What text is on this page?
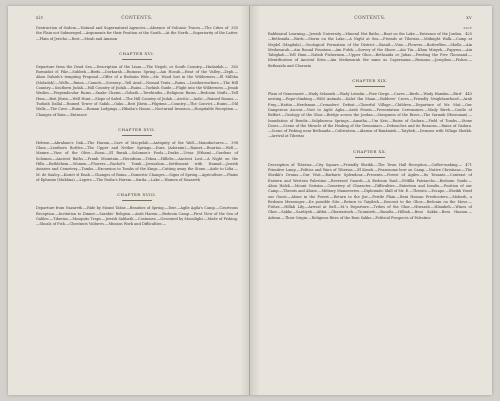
xiv	CONTENTS.

355
Destruction of Sodom.—Natural and Supernatural Agencies.—Absence of Volcanic Traces.—The Cities of the Plain not Submerged.—Arguments for their Position at the South.—At the North.—Superiority of the Latter.—Plain of Jericho.—Rest.—Moab and Ammon

CHAPTER XVI.

383
Departure from the Dead Sea.—Description of the Lisan.—The Negeb, or South Country.—Hudaidah.—Ruwaidat el Fikr.—Subbeh.—Birds.—Dorkarah.—Ruinous Spring.—Ain Hosub.—Heat of the Valley.—Zeph.—Abou Dahish's tempting Proposal.—Offer of a Bedouin Wife.—Mr. Wood lost in the Wilderness.—El Milhha (Moladah).—Wells.—Ruins.—Camels.—Scenery.—Tell Arad.—Nomad Tents.—Ruins.—Leatherworkers.—The Hill Country.—Southern Judah.—Hill Country of Judah.—Ruins.—Turkish Guide.—Flight into the Wilderness.—Jenab Wadies.—Perpendicular Ruins.—Snake Charm.—Goliath.—Terebinths.—Religious Ruins.—Bedouin Mufti.—Tell Hum.—Beit Jibrin.—Well Hunt.—Slope of Safed.—The Hill Country of Judah.—Arcitic.—Indic.—Ruined Rooms.—Turkish Dallal.—Ruined Tower of Safah.—Oaks.—Beit Jibrin.—Pilgrims.—Country.—The Convict.—Ruins.—Old Walls.—The Cave.—Ruins.—Roman Lodgings.—Hibaba's House.—Nocturnal Invasion.—Hospitable Reception.—Changes of Ruin.—Entrance

CHAPTER XVII.

398
Hebron.—Abraham's Oak.—The Haram.—Cave of Macpelah.—Antiquity of the Wall.—Manufactures.—Glass.—Leathern Bottles.—The Upper and Nether Springs.—Dura (Adoraim).—Ramet.—Bourtas.—Well.—Mamre.—Vine of the Olive.—Rossi.—El Burak.—Solomon's Pools.—Drake.—Urtas (Etham).—Gardens of Solomon.—Ancient Baths.—Frank Mountain.—Herodium.—Tekoa.—Hillebs.—Ancient Lost.—A Night on the Hills.—Bethlehem.—Women.—Flowers.—Rachel's Tomb.—Jerusalem.—Settlement with Hamad.—Jewish Aviaries and Cemetery.—Tombs.—Excursion to Tombs of the Kings.—Cutting away the Stone.—Aisle to Lifta.—M. de Saulcy.—Kuriet el Enab.—Changes of Ruins.—Domestic Changes.—Signs of Spring.—Agriculture.—Plains of Ephraim (Mukhna).—Lepers.—The Pasha's Harem.—Sarda.—Lake.—Women of Nazareth

CHAPTER XVIII.

Departure from Nazareth.—Ride by Mount Tabor.—Beauties of Spring.—Deir.—Agile Agila's Camp.—Courteous Reception.—Invitation to Dinner.—Sarabis' Religion.—Arab Harem.—Bedouin Camp.—First View of the Sea of Galilee.—Tiberias.—Mosquito Traps.—Jewish Sabbath.—Costumes.—Governed by Moonlight.—Mode of Fishing.—Shoals of Fish.—Chestnuts Vultures.—Mission Work and Difficulties.—

CONTENTS.	xv
PAGE

425
Rabbinical Learning.—Jewish University.—Mineral Hot Baths.—Boat on the Lake.—Entrance of the Jordan.—Bethsaida.—Birds.—Storm on the Lake.—A Night at Sea.—Friends at Tiberias.—Midnight Walk.—Camp at Mejdel (Magdala).—Geological Formation of the District.—Basalt.—Vine.—Flowers.—Butterflies.—Shells.—Ain Medawarah.—Ain Round Fountain.—Ain Fuleh.—Survey of the Shore.—Ain Tin.—Khan Minyeh.—Papyrus.—Ain Tabighah.—Tell Hum.—Nabob Fishermen.—Upper Ghor.—Bethsaida or Julias.—Feeding the Five Thousand.—Identification of Ancient Sites.—Ain Medawarah the same as Capernaum.—Reasons.—Josephus.—Fishes.—Bethsaida and Chorazin

CHAPTER XIX.

443
Plain of Gennesaret.—Wady Selameh.—Wady Leimûn.—Fine Gorge.—Caves.—Birds.—Wady Hamâm.—Bird-nesting.—Rope-climbing.—Wild Animals.—Kalat Ibn Maan.—Robbers' Caves.—Friendly Neighbourhood.—Arab Fray.—Hattin.—Herdsman.—Crusaders' Defeat.—Cheerful Village.—Children.—Departure of Mr. Mat.—Our Dangerous Ascent.—Visit to Agile Agha.—Arab Feasts.—Presentation Ceremonies.—Wady Bireh.—Castle of Belfort.—Geology of the Ghor.—Bridge across the Jordan.—Steepness of the River.—The Yarmuk (Hieromax).—Inundation of Bendir.—Sulphurous Springs.—Amatha.—Um Keis.—Ruins of Gadara.—Field of Tombs.—Stone Doors.—Scene of the Miracle of the Healing of the Demoniacs.—Debouches and its Reasons.—Ruins of Gadara.—Scene of Fishing near Bethsaida.—Cultivation.—Alarms of Banâmieh.—Taiybeh.—Demons with Village Sheikh.—Arrival at Tiberias

CHAPTER XX.

471
Description of Tiberias.—City Square.—Friendly Sheikh.—The Town Hall Reception.—Coffee-making.—Primitive Lamp.—Politics and Wars of Tiberias.—El Kuseh.—Fearnsome bow on Camp.—Native Christians.—The Sheikh's Drums.—Our Visit.—Barbaric Splendour.—Presents.—Forest of Agiles.—Its Tenants.—Contrast of Eastern and Western Palestine.—Reversed Guards.—A Bedouin Raid.—Felfilla Patriarchs.—Bedouin Guide.—Abou Haleh.—Mount Gerizim.—Cemetery of Character.—Difficulties.—Extortion and Insults.—Position of our Camp.—Threats and Abuse.—Military Manoeuvres.—Diplomatic Skill of Mr. E.—Threats.—Escape.—Sheikh Yusef our Guest.—Alone in the Forest.—Return to the Jisr.—Fertile Plain.—Beni Hassan Freebooters.—Mohesh, a Bedouin Messenger.—Its possible Site.—Return to Taiyibeh.—Descent to the Ghor.—Bedouin on the Move.—Fishes.—Hillah Lily.—Arrival at Sufl.—M.'s Departure.—Tribes of the Ghor.—Hiwarah.—Hlaiabeh.—Wines of Ghor.—Sakkr.—Sardiyeh.—Afifat.—Ghawarineh.—Ta'amireh.—Basalts.—Hilbah.—Beni Sakkr.—Beni Hassan.—Adwan.—Their Origin.—Religious Rites of the Beni Sakkr.—Political Prospects of Palestine
